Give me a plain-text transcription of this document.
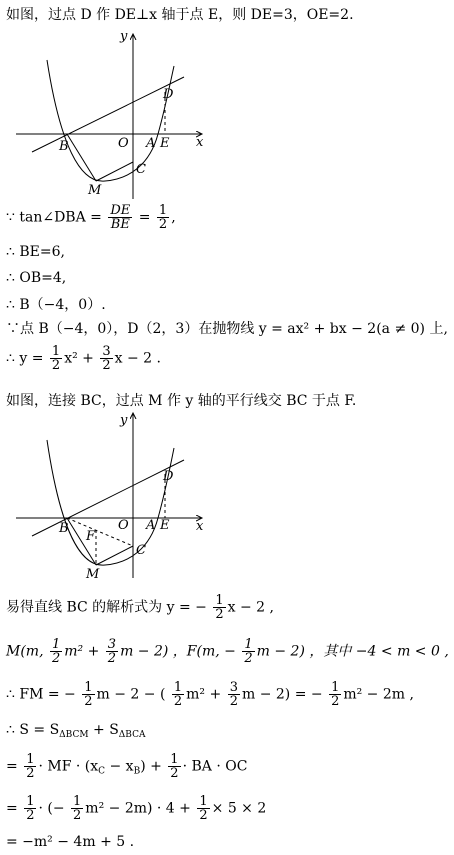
如图，过点 D 作 DE⊥x 轴于点 E，则 DE=3，OE=2.
y
x
D
B	O A E
C
M
∵ tan∠DBA = $\frac{DE}{BE} = \frac{1}{2}$ ,
∴ BE=6,
∴ OB=4,
∴ B（−4，0）.
∵点 B（−4，0），D（2，3）在抛物线 y = ax² + bx − 2(a ≠ 0) 上,
∴ $y = \frac{1}{2} x^2 + \frac{3}{2}$ x − 2 .
如图，连接 BC，过点 M 作 y 轴的平行线交 BC 于点 F.
y
x
D
B	O A E
F
C
M
易得直线 BC 的解析式为 y = − $\frac{1}{2}$ x − 2 ,
M(m, $\frac{1}{2} m^2 + \frac{3}{2}$ m − 2) ，F(m, − $\frac{1}{2}$ m − 2) ，其中 −4 < m < 0 ,
∴ FM = − $\frac{1}{2}$ m − 2 − ( $\frac{1}{2} m^2 + \frac{3}{2}$ m − 2) = − $\frac{1}{2} m^2 - 2m$ ,
∴ $S = S_{\Delta BCM} + S_{\Delta BCA}$
= $\frac{1}{2}$ · MF · $(x_C - x_B) + \frac{1}{2}$ · BA · OC
= $\frac{1}{2}$ · (− $\frac{1}{2} m^2 - 2m) \cdot 4 + \frac{1}{2} \times 5 \times 2$
= −m² − 4m + 5 .
